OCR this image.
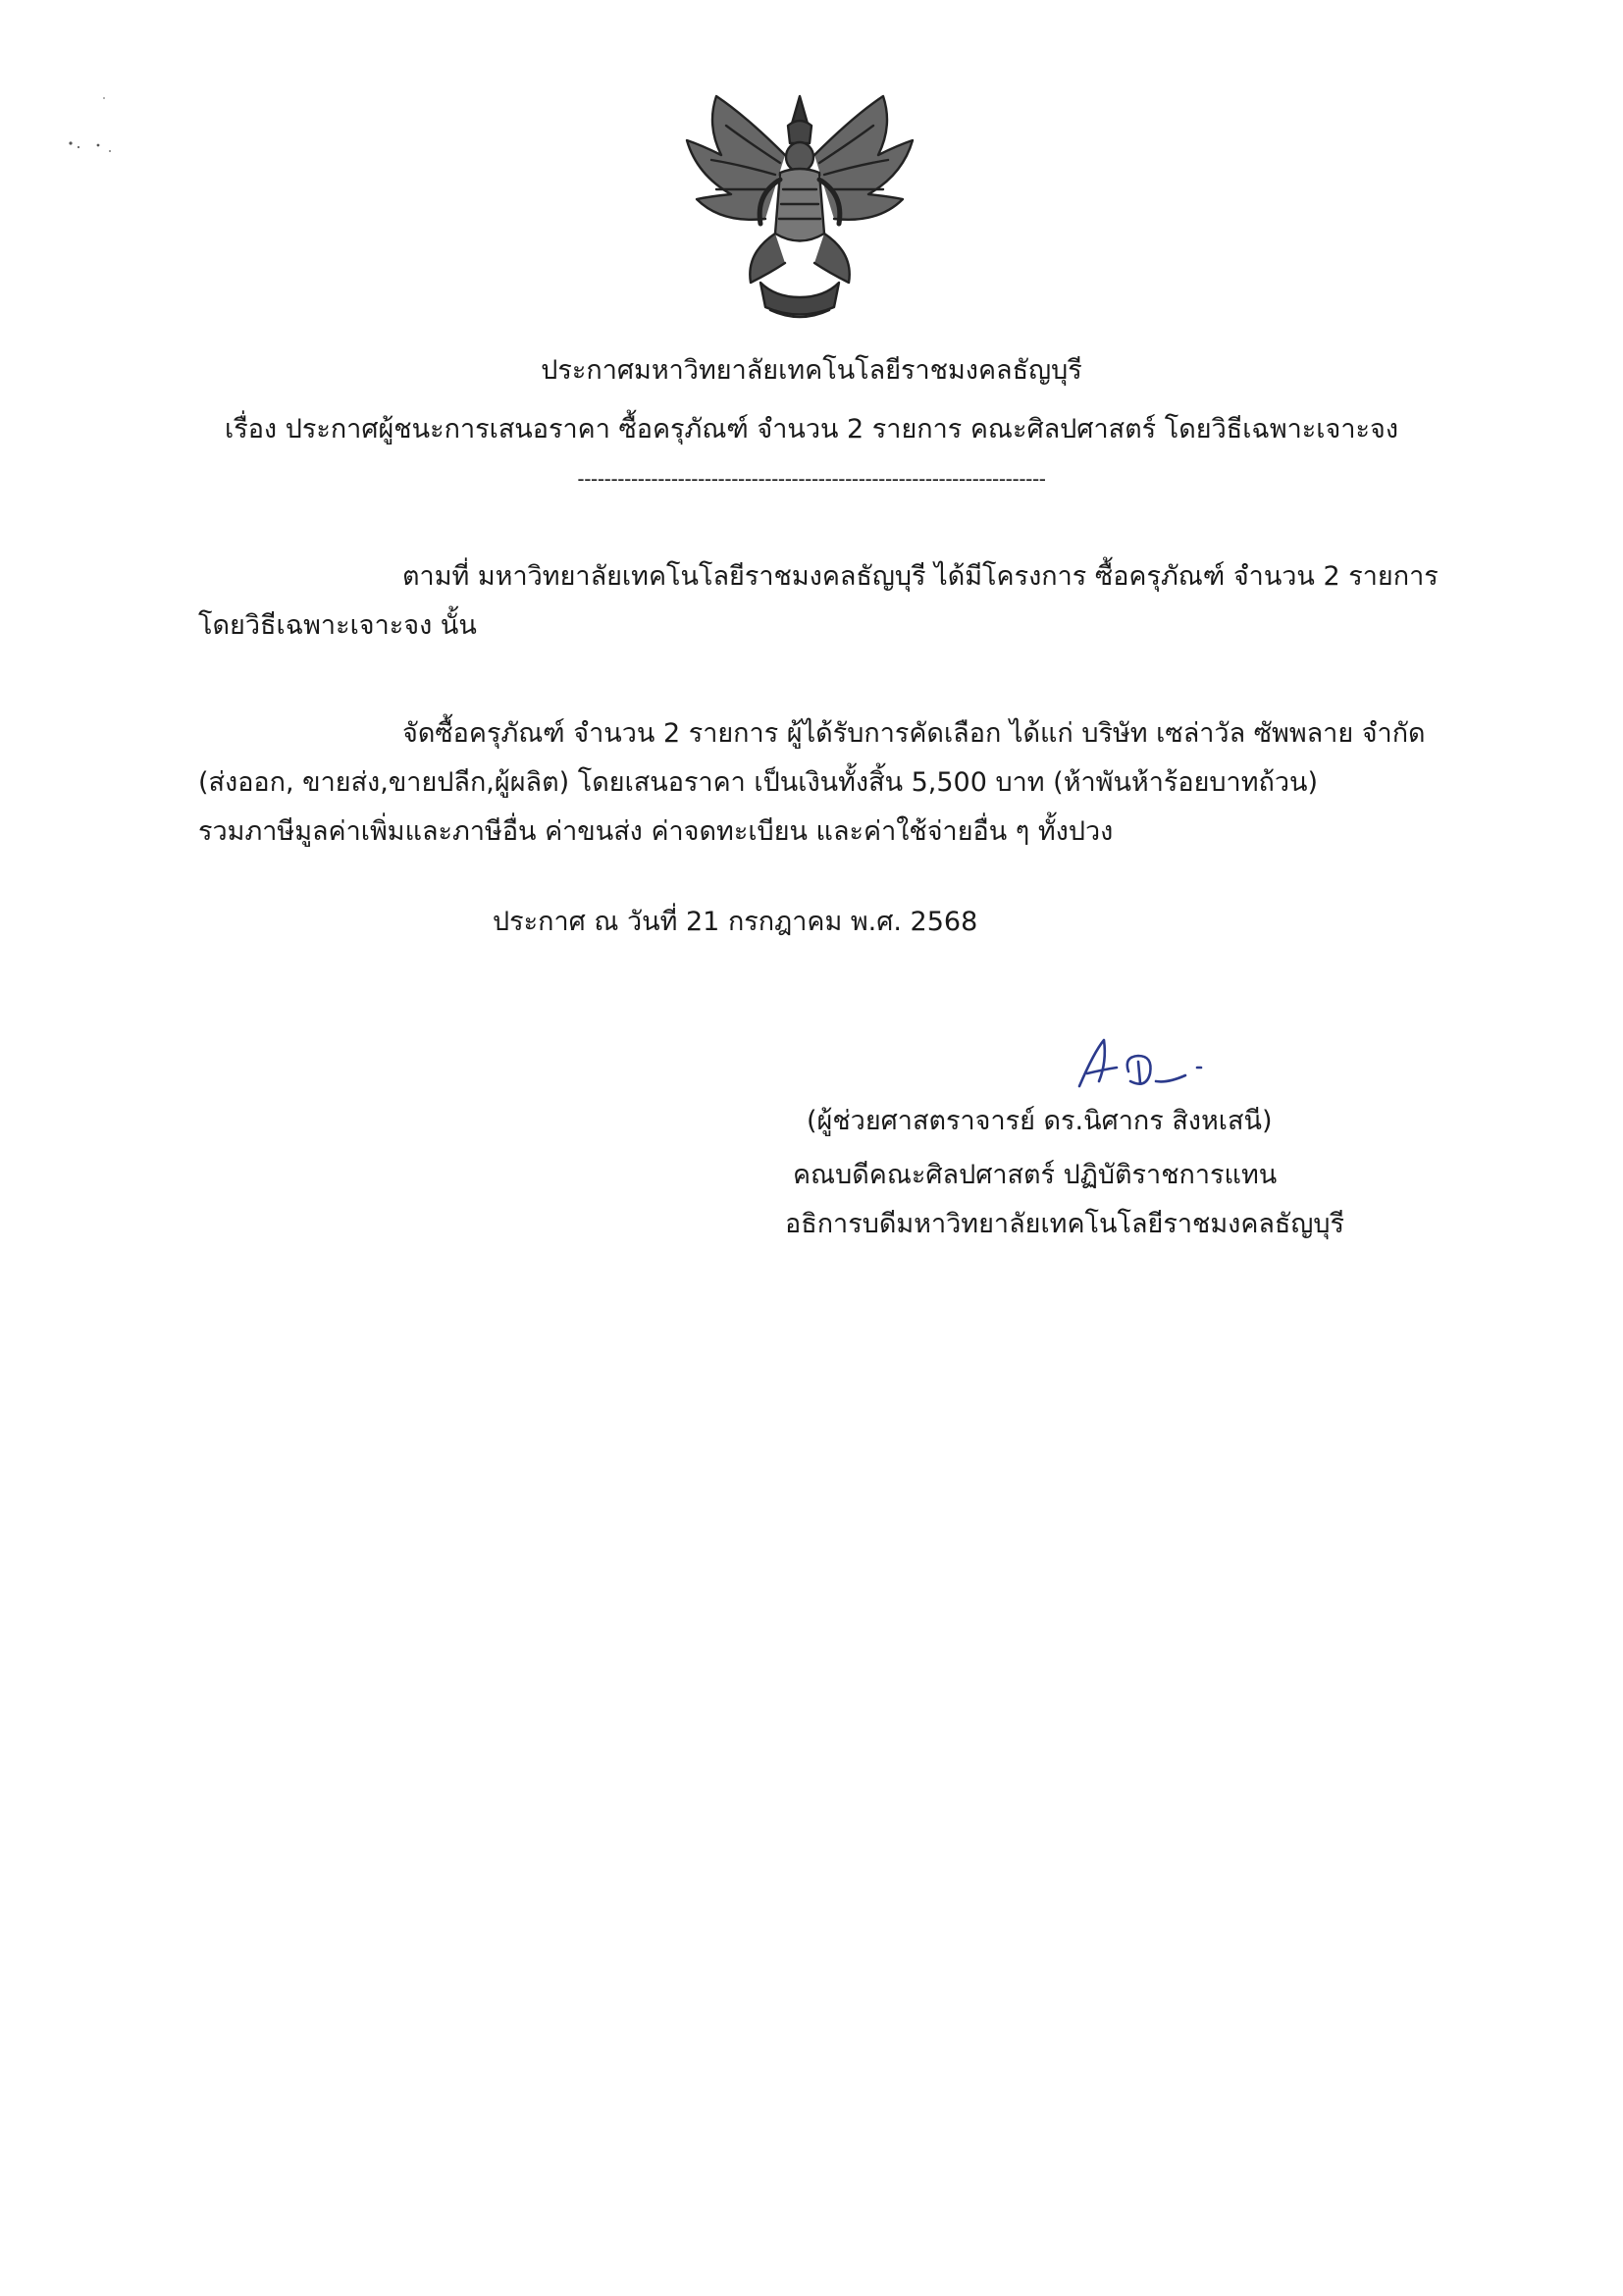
ประกาศมหาวิทยาลัยเทคโนโลยีราชมงคลธัญบุรี
เรื่อง ประกาศผู้ชนะการเสนอราคา ซื้อครุภัณฑ์ จำนวน 2 รายการ คณะศิลปศาสตร์ โดยวิธีเฉพาะเจาะจง
----------------------------------------------------------------------
ตามที่ มหาวิทยาลัยเทคโนโลยีราชมงคลธัญบุรี ได้มีโครงการ ซื้อครุภัณฑ์ จำนวน 2 รายการ
โดยวิธีเฉพาะเจาะจง นั้น
จัดซื้อครุภัณฑ์ จำนวน 2 รายการ ผู้ได้รับการคัดเลือก ได้แก่ บริษัท เซล่าวัล ซัพพลาย จำกัด
(ส่งออก, ขายส่ง,ขายปลีก,ผู้ผลิต) โดยเสนอราคา เป็นเงินทั้งสิ้น 5,500 บาท (ห้าพันห้าร้อยบาทถ้วน)
รวมภาษีมูลค่าเพิ่มและภาษีอื่น ค่าขนส่ง ค่าจดทะเบียน และค่าใช้จ่ายอื่น ๆ ทั้งปวง
ประกาศ ณ วันที่ 21 กรกฎาคม พ.ศ. 2568
(ผู้ช่วยศาสตราจารย์ ดร.นิศากร สิงหเสนี)
คณบดีคณะศิลปศาสตร์ ปฏิบัติราชการแทน
อธิการบดีมหาวิทยาลัยเทคโนโลยีราชมงคลธัญบุรี
